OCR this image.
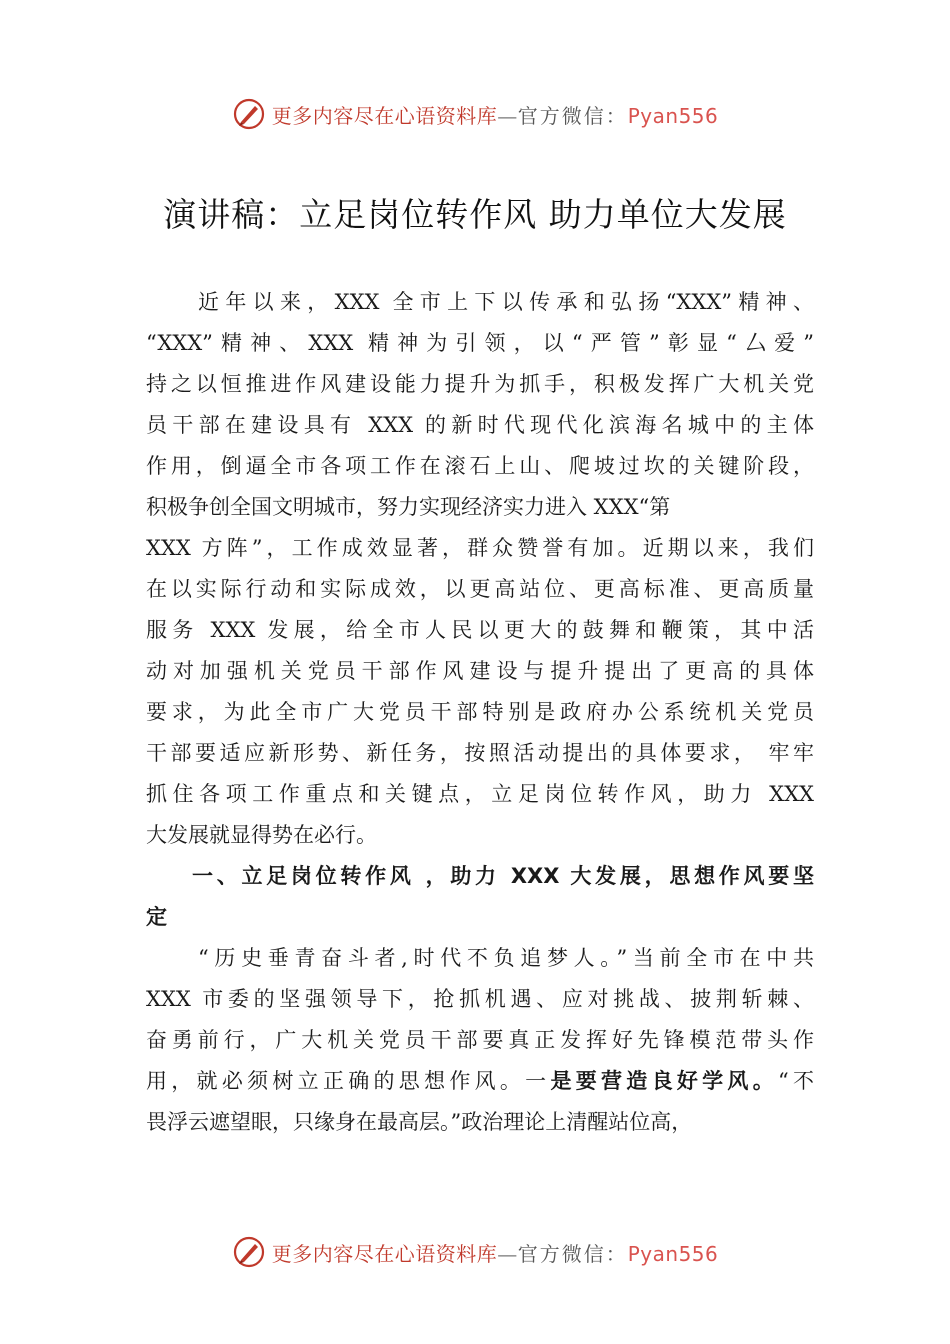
更多内容尽在心语资料库—官方微信：Pyan556
演讲稿：立足岗位转作风 助力单位大发展
近年以来，XXX 全市上下以传承和弘扬“XXX”精神、
“XXX”精神、XXX 精神为引领，以“严管”彰显“厶爱”
持之以恒推进作风建设能力提升为抓手，积极发挥广大机关党
员干部在建设具有 XXX 的新时代现代化滨海名城中的主体
作用，倒逼全市各项工作在滚石上山、爬坡过坎的关键阶段，
积极争创全国文明城市，努力实现经济实力进入 XXX“第
XXX 方阵”，工作成效显著，群众赞誉有加。近期以来，我们
在以实际行动和实际成效，以更高站位、更高标准、更高质量
服务 XXX 发展，给全市人民以更大的鼓舞和鞭策，其中活
动对加强机关党员干部作风建设与提升提出了更高的具体
要求，为此全市广大党员干部特别是政府办公系统机关党员
干部要适应新形势、新任务，按照活动提出的具体要求， 牢牢
抓住各项工作重点和关键点，立足岗位转作风，助力 XXX
大发展就显得势在必行。
一、立足岗位转作风 ，助力 XXX 大发展，思想作风要坚
定
“历史垂青奋斗者,时代不负追梦人。”当前全市在中共
XXX 市委的坚强领导下，抢抓机遇、应对挑战、披荆斩棘、
奋勇前行，广大机关党员干部要真正发挥好先锋模范带头作
用，就必须树立正确的思想作风。一是要营造良好学风。“不
畏浮云遮望眼，只缘身在最高层。”政治理论上清醒站位高，
更多内容尽在心语资料库—官方微信：Pyan556
